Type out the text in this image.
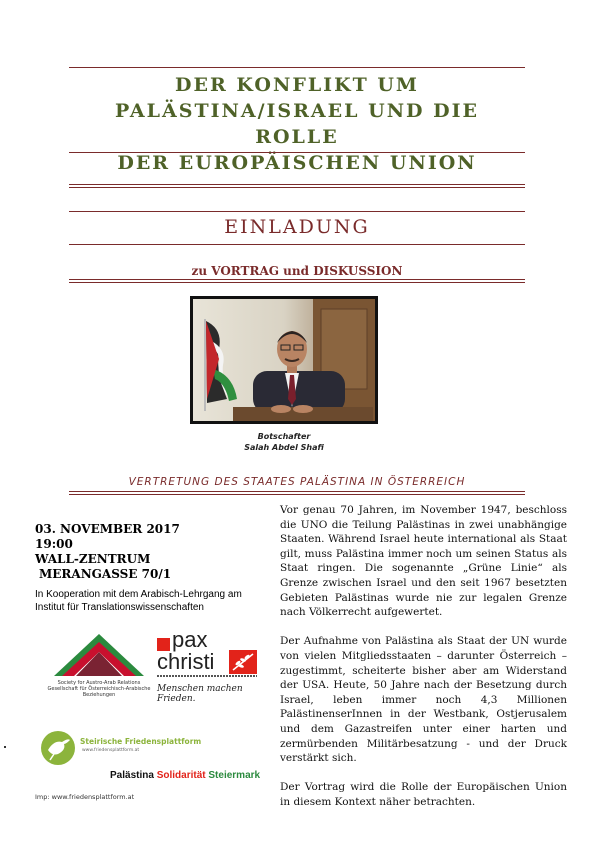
DER KONFLIKT UM
PALÄSTINA/ISRAEL UND DIE ROLLE
DER EUROPÄISCHEN UNION
EINLADUNG
zu VORTRAG und DISKUSSION
Botschafter
Salah Abdel Shafi
VERTRETUNG DES STAATES PALÄSTINA IN ÖSTERREICH
03. NOVEMBER 2017
19:00
WALL-ZENTRUM
MERANGASSE 70/1
In Kooperation mit dem Arabisch-Lehrgang am Institut für Translationswissenschaften
Society for Austro-Arab Relations
Gesellschaft für Österreichisch-Arabische Beziehungen
pax
christi
Menschen machen Frieden.
Steirische Friedensplattform
www.friedensplattform.at
Palästina Solidarität Steiermark
Imp: www.friedensplattform.at

Vor genau 70 Jahren, im November 1947, beschloss die UNO die Teilung Palästinas in zwei unabhängige Staaten. Während Israel heute international als Staat gilt, muss Palästina immer noch um seinen Status als Staat ringen. Die sogenannte „Grüne Linie“ als Grenze zwischen Israel und den seit 1967 besetzten Gebieten Palästinas wurde nie zur legalen Grenze nach Völkerrecht aufgewertet.

Der Aufnahme von Palästina als Staat der UN wurde von vielen Mitgliedsstaaten – darunter Österreich – zugestimmt, scheiterte bisher aber am Widerstand der USA. Heute, 50 Jahre nach der Besetzung durch Israel, leben immer noch 4,3 Millionen PalästinenserInnen in der Westbank, Ostjerusalem und dem Gazastreifen unter einer harten und zermürbenden Militärbesatzung - und der Druck verstärkt sich.

Der Vortrag wird die Rolle der Europäischen Union in diesem Kontext näher betrachten.
